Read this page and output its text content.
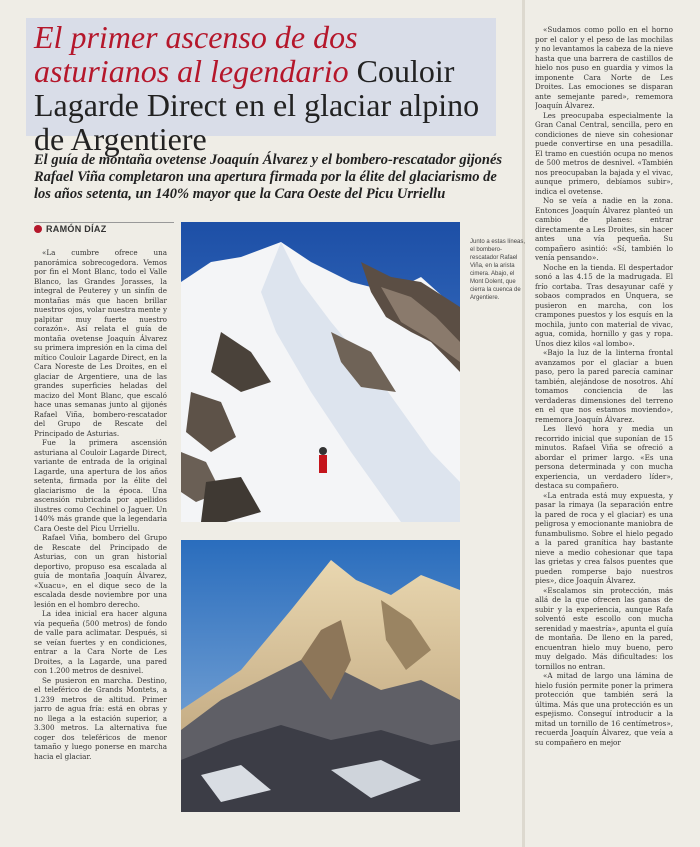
El primer ascenso de dos asturianos al legendario Couloir Lagarde Direct en el glaciar alpino de Argentiere

El guía de montaña ovetense Joaquín Álvarez y el bombero-rescatador gijonés Rafael Viña completaron una apertura firmada por la élite del glaciarismo de los años setenta, un 140% mayor que la Cara Oeste del Picu Urriellu

RAMÓN DÍAZ

«La cumbre ofrece una panorámica sobrecogedora. Vemos por fin el Mont Blanc, todo el Valle Blanco, las Grandes Jorasses, la integral de Peuterey y un sinfín de montañas más que hacen brillar nuestros ojos, volar nuestra mente y palpitar muy fuerte nuestro corazón». Así relata el guía de montaña ovetense Joaquín Álvarez su primera impresión en la cima del mítico Couloir Lagarde Direct, en la Cara Noreste de Les Droites, en el glaciar de Argentiere, una de las grandes superficies heladas del macizo del Mont Blanc, que escaló hace unas semanas junto al gijonés Rafael Viña, bombero-rescatador del Grupo de Rescate del Principado de Asturias.

Fue la primera ascensión asturiana al Couloir Lagarde Direct, variante de entrada de la original Lagarde, una apertura de los años setenta, firmada por la élite del glaciarismo de la época. Una ascensión rubricada por apellidos ilustres como Cechinel o Jaguer. Un 140% más grande que la legendaria Cara Oeste del Picu Urriellu.

Rafael Viña, bombero del Grupo de Rescate del Principado de Asturias, con un gran historial deportivo, propuso esa escalada al guía de montaña Joaquín Álvarez, «Xuacu», en el dique seco de la escalada desde noviembre por una lesión en el hombro derecho.

La idea inicial era hacer alguna vía pequeña (500 metros) de fondo de valle para aclimatar. Después, si se veían fuertes y en condiciones, entrar a la Cara Norte de Les Droites, a la Lagarde, una pared con 1.200 metros de desnivel.

Se pusieron en marcha. Destino, el teleférico de Grands Montets, a 1.239 metros de altitud. Primer jarro de agua fría: está en obras y no llega a la estación superior, a 3.300 metros. La alternativa fue coger dos teleféricos de menor tamaño y luego ponerse en marcha hacia el glaciar.

Junto a estas líneas, el bombero-rescatador Rafael Viña, en la arista cimera. Abajo, el Mont Dolent, que cierra la cuenca de Argentiere.

«Sudamos como pollo en el horno por el calor y el peso de las mochilas y no levantamos la cabeza de la nieve hasta que una barrera de castillos de hielo nos puso en guardia y vimos la imponente Cara Norte de Les Droites. Las emociones se disparan ante semejante pared», rememora Joaquín Álvarez.

Les preocupaba especialmente la Gran Canal Central, sencilla, pero en condiciones de nieve sin cohesionar puede convertirse en una pesadilla. El tramo en cuestión ocupa no menos de 500 metros de desnivel. «También nos preocupaban la bajada y el vivac, aunque primero, debíamos subir», indica el ovetense.

No se veía a nadie en la zona. Entonces Joaquín Álvarez planteó un cambio de planes: entrar directamente a Les Droites, sin hacer antes una vía pequeña. Su compañero asintió: «Sí, también lo venía pensando».

Noche en la tienda. El despertador sonó a las 4.15 de la madrugada. El frío cortaba. Tras desayunar café y sobaos comprados en Unquera, se pusieron en marcha, con los crampones puestos y los esquís en la mochila, junto con material de vivac, agua, comida, hornillo y gas y ropa. Unos diez kilos «al lombo».

«Bajo la luz de la linterna frontal avanzamos por el glaciar a buen paso, pero la pared parecía caminar también, alejándose de nosotros. Ahí tomamos conciencia de las verdaderas dimensiones del terreno en el que nos estamos moviendo», rememora Joaquín Álvarez.

Les llevó hora y media un recorrido inicial que suponían de 15 minutos. Rafael Viña se ofreció a abordar el primer largo. «Es una persona determinada y con mucha experiencia, un verdadero líder», destaca su compañero.

«La entrada está muy expuesta, y pasar la rimaya (la separación entre la pared de roca y el glaciar) es una peligrosa y emocionante maniobra de funambulismo. Sobre el hielo pegado a la pared granítica hay bastante nieve a medio cohesionar que tapa las grietas y crea falsos puentes que pueden romperse bajo nuestros pies», dice Joaquín Álvarez.

«Escalamos sin protección, más allá de la que ofrecen las ganas de subir y la experiencia, aunque Rafa solventó este escollo con mucha serenidad y maestría», apunta el guía de montaña. De lleno en la pared, encuentran hielo muy bueno, pero muy delgado. Más dificultades: los tornillos no entran.

«A mitad de largo una lámina de hielo fusión permite poner la primera protección que también será la última. Más que una protección es un espejismo. Conseguí introducir a la mitad un tornillo de 16 centímetros», recuerda Joaquín Álvarez, que veía a su compañero en mejor
